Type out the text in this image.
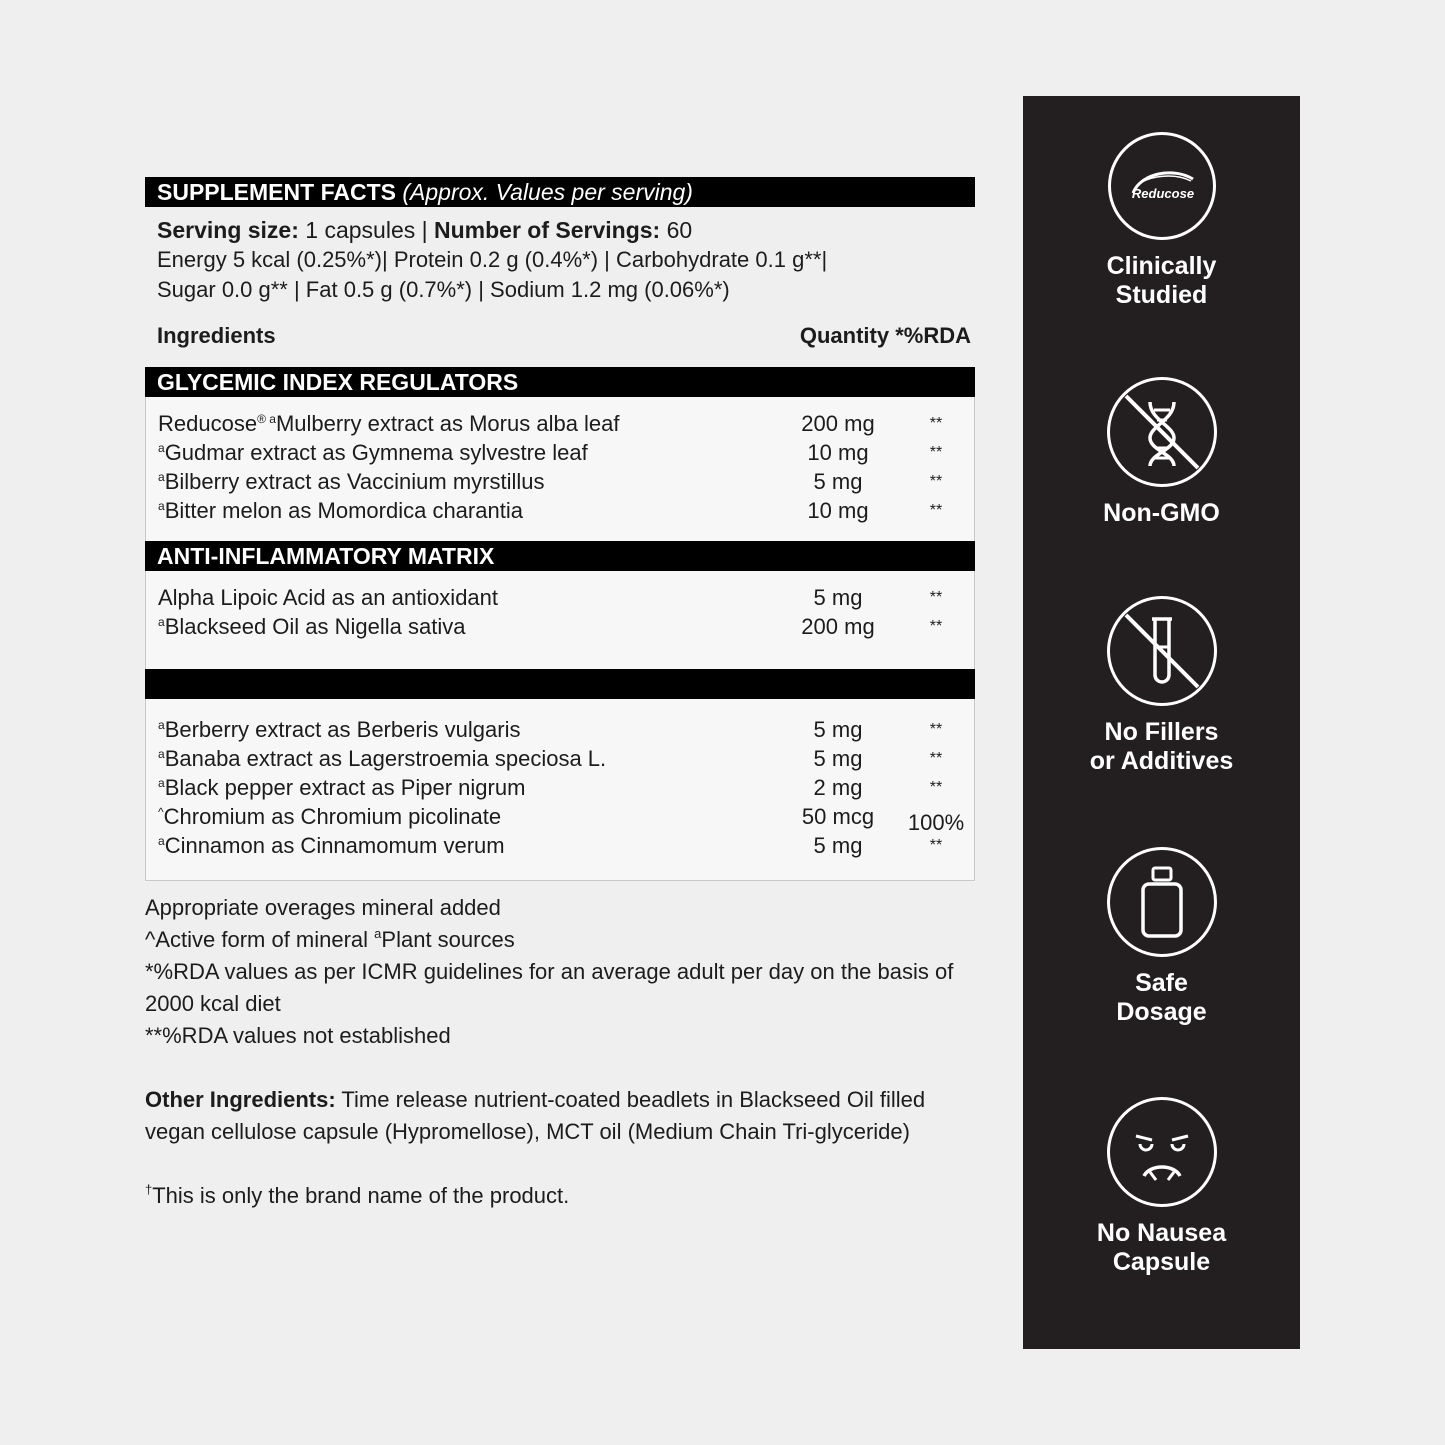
SUPPLEMENT FACTS (Approx. Values per serving)
Serving size: 1 capsules | Number of Servings: 60
Energy 5 kcal (0.25%*)| Protein 0.2 g (0.4%*) | Carbohydrate 0.1 g**|
Sugar 0.0 g** | Fat 0.5 g (0.7%*) | Sodium 1.2 mg (0.06%*)
Ingredients	Quantity *%RDA
GLYCEMIC INDEX REGULATORS
Reducose$^{® a}$Mulberry extract as Morus alba leaf	200 mg	**
$^a$Gudmar extract as Gymnema sylvestre leaf	10 mg	**
$^a$Bilberry extract as Vaccinium myrstillus	5 mg	**
$^a$Bitter melon as Momordica charantia	10 mg	**
ANTI-INFLAMMATORY MATRIX
Alpha Lipoic Acid as an antioxidant	5 mg	**
$^a$Blackseed Oil as Nigella sativa	200 mg	**
$^a$Berberry extract as Berberis vulgaris	5 mg	**
$^a$Banaba extract as Lagerstroemia speciosa L.	5 mg	**
$^a$Black pepper extract as Piper nigrum	2 mg	**
^Chromium as Chromium picolinate	50 mcg	100%
$^a$Cinnamon as Cinnamomum verum	5 mg	**

Appropriate overages mineral added

^Active form of mineral $^a$Plant sources

*%RDA values as per ICMR guidelines for an average adult per day on the basis of 2000 kcal diet

**%RDA values not established

Other Ingredients: Time release nutrient-coated beadlets in Blackseed Oil filled vegan cellulose capsule (Hypromellose), MCT oil (Medium Chain Tri-glyceride)

†This is only the brand name of the product.

Reducose
Clinically
Studied
Non-GMO
No Fillers
or Additives
Safe
Dosage
No Nausea
Capsule
